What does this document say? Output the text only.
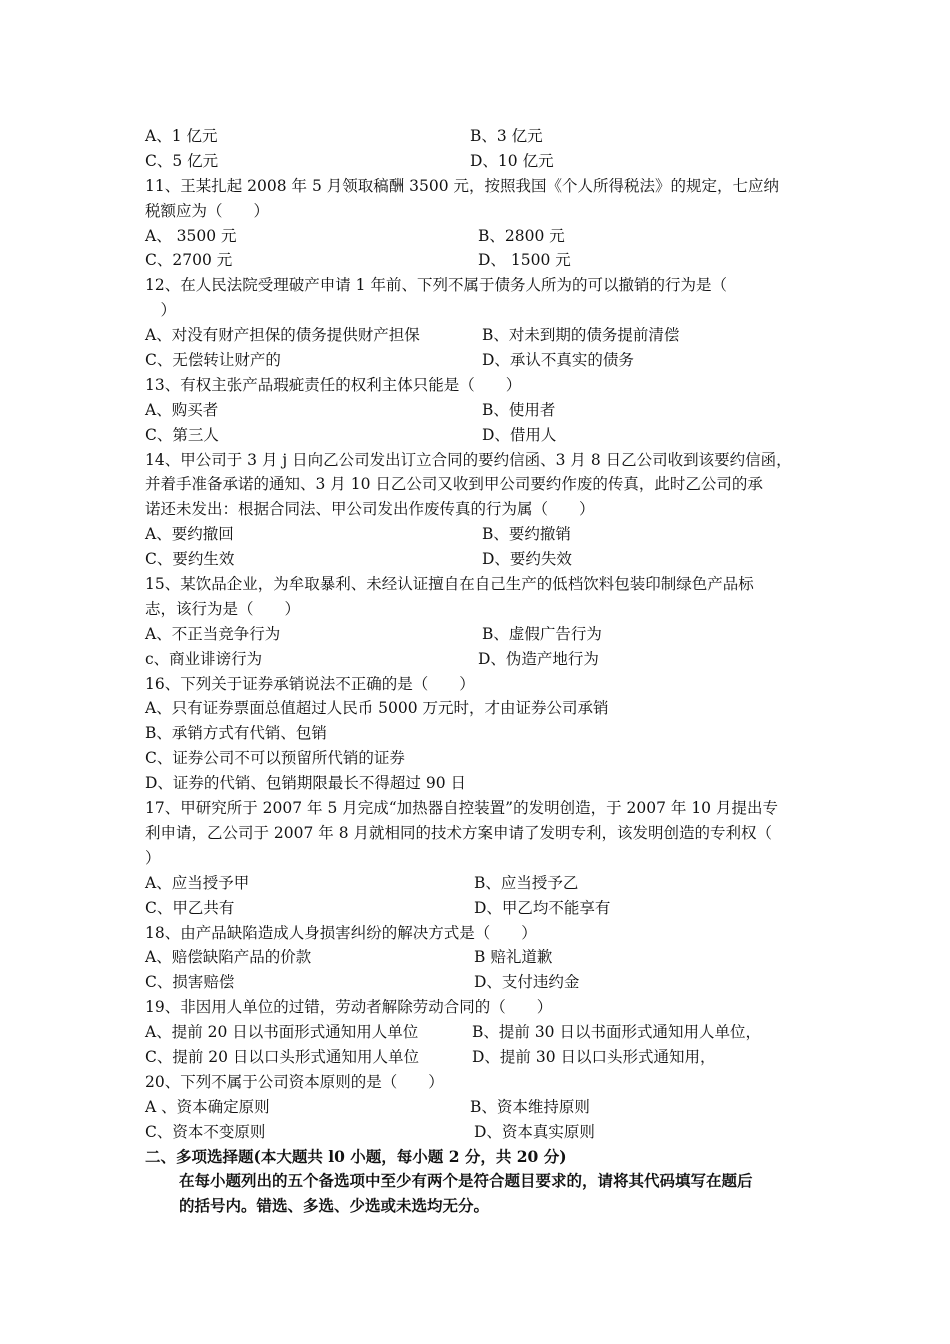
A、1 亿元	B、3 亿元
C、5 亿元	D、10 亿元
11、王某扎起 2008 年 5 月领取稿酬 3500 元，按照我国《个人所得税法》的规定，七应纳
税额应为（　　）
A、 3500 元	B、2800 元
C、2700 元	D、 1500 元
12、在人民法院受理破产申请 1 年前、下列不属于债务人所为的可以撤销的行为是（
　）
A、对没有财产担保的债务提供财产担保	B、对未到期的债务提前清偿
C、无偿转让财产的	D、承认不真实的债务
13、有权主张产品瑕疵责任的权利主体只能是（　　）
A、购买者	B、使用者
C、第三人	D、借用人
14、甲公司于 3 月 j 日向乙公司发出订立合同的要约信函、3 月 8 日乙公司收到该要约信函，
并着手准备承诺的通知、3 月 10 日乙公司又收到甲公司要约作废的传真，此时乙公司的承
诺还未发出：根据合同法、甲公司发出作废传真的行为属（　　）
A、要约撤回	B、要约撤销
C、要约生效	D、要约失效
15、某饮品企业，为牟取暴利、未经认证擅自在自己生产的低档饮料包装印制绿色产品标
志，该行为是（　　）
A、不正当竞争行为	B、虚假广告行为
c、商业诽谤行为	D、伪造产地行为
16、下列关于证券承销说法不正确的是（　　）
A、只有证券票面总值超过人民币 5000 万元时，才由证券公司承销
B、承销方式有代销、包销
C、证券公司不可以预留所代销的证券
D、证券的代销、包销期限最长不得超过 90 日
17、甲研究所于 2007 年 5 月完成“加热器自控装置”的发明创造，于 2007 年 10 月提出专
利申请，乙公司于 2007 年 8 月就相同的技术方案申请了发明专利，该发明创造的专利权（
）
A、应当授予甲	B、应当授予乙
C、甲乙共有	D、甲乙均不能享有
18、由产品缺陷造成人身损害纠纷的解决方式是（　　）
A、赔偿缺陷产品的价款	B 赔礼道歉
C、损害赔偿	D、支付违约金
19、非因用人单位的过错，劳动者解除劳动合同的（　　）
A、提前 20 日以书面形式通知用人单位	B、提前 30 日以书面形式通知用人单位，
C、提前 20 日以口头形式通知用人单位	D、提前 30 日以口头形式通知用，
20、下列不属于公司资本原则的是（　　）
A 、资本确定原则	B、资本维持原则
C、资本不变原则	D、资本真实原则
二、多项选择题(本大题共 l0 小题，每小题 2 分，共 20 分)
在每小题列出的五个备选项中至少有两个是符合题目要求的，请将其代码填写在题后
的括号内。错选、多选、少选或未选均无分。
